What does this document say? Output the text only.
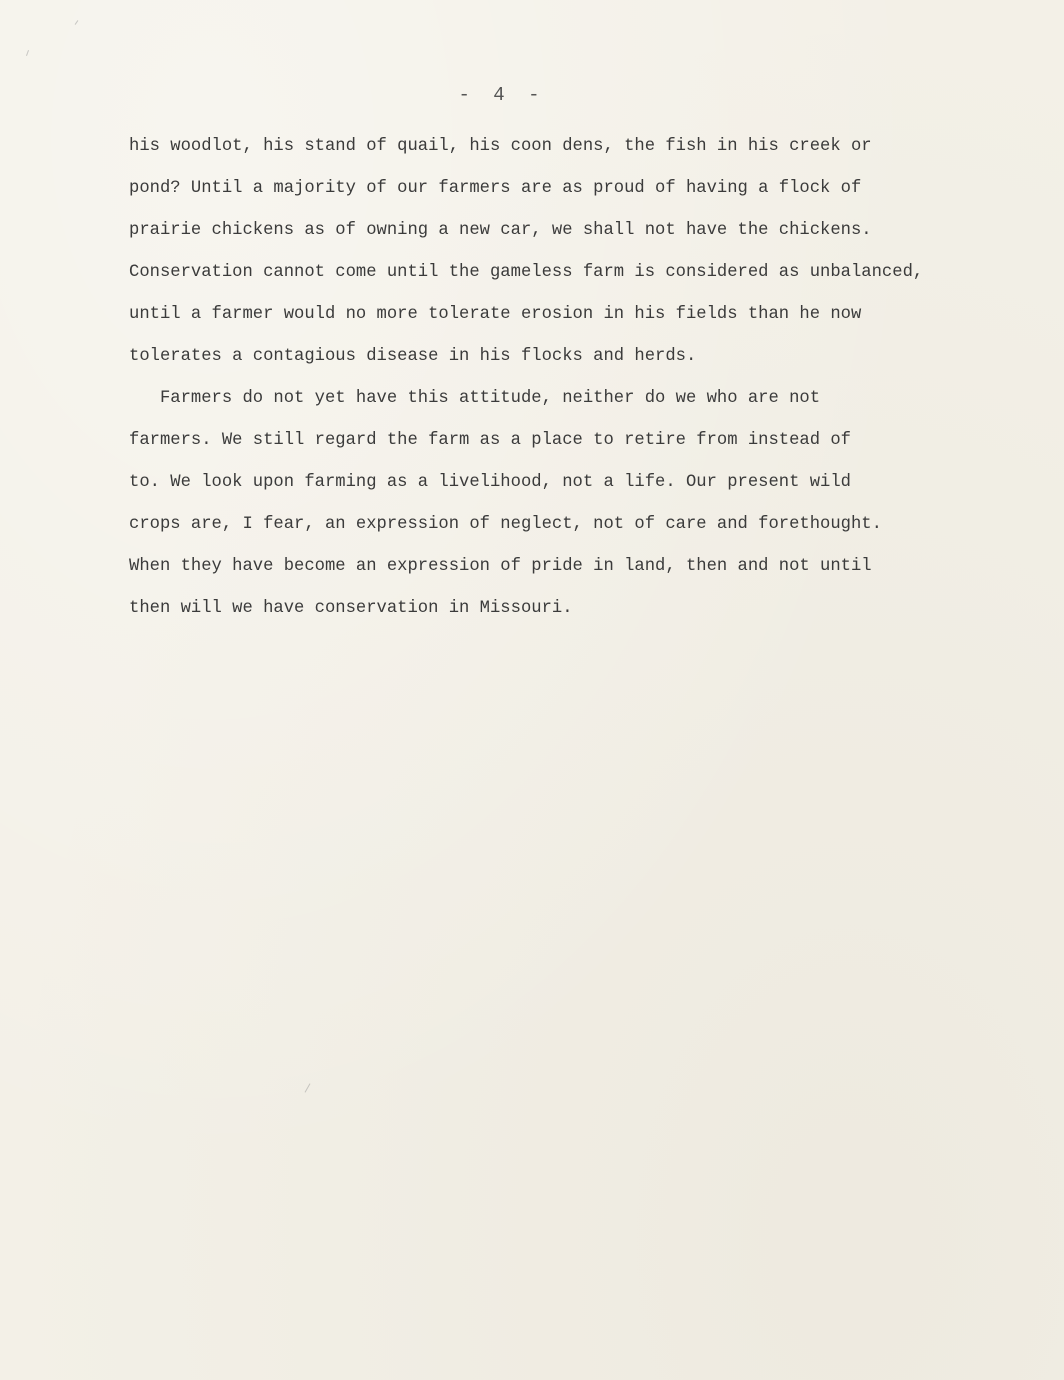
- 4 -
his woodlot, his stand of quail, his coon dens, the fish in his creek or
pond? Until a majority of our farmers are as proud of having a flock of
prairie chickens as of owning a new car, we shall not have the chickens.
Conservation cannot come until the gameless farm is considered as unbalanced,
until a farmer would no more tolerate erosion in his fields than he now
tolerates a contagious disease in his flocks and herds.
Farmers do not yet have this attitude, neither do we who are not
farmers. We still regard the farm as a place to retire from instead of
to. We look upon farming as a livelihood, not a life. Our present wild
crops are, I fear, an expression of neglect, not of care and forethought.
When they have become an expression of pride in land, then and not until
then will we have conservation in Missouri.
